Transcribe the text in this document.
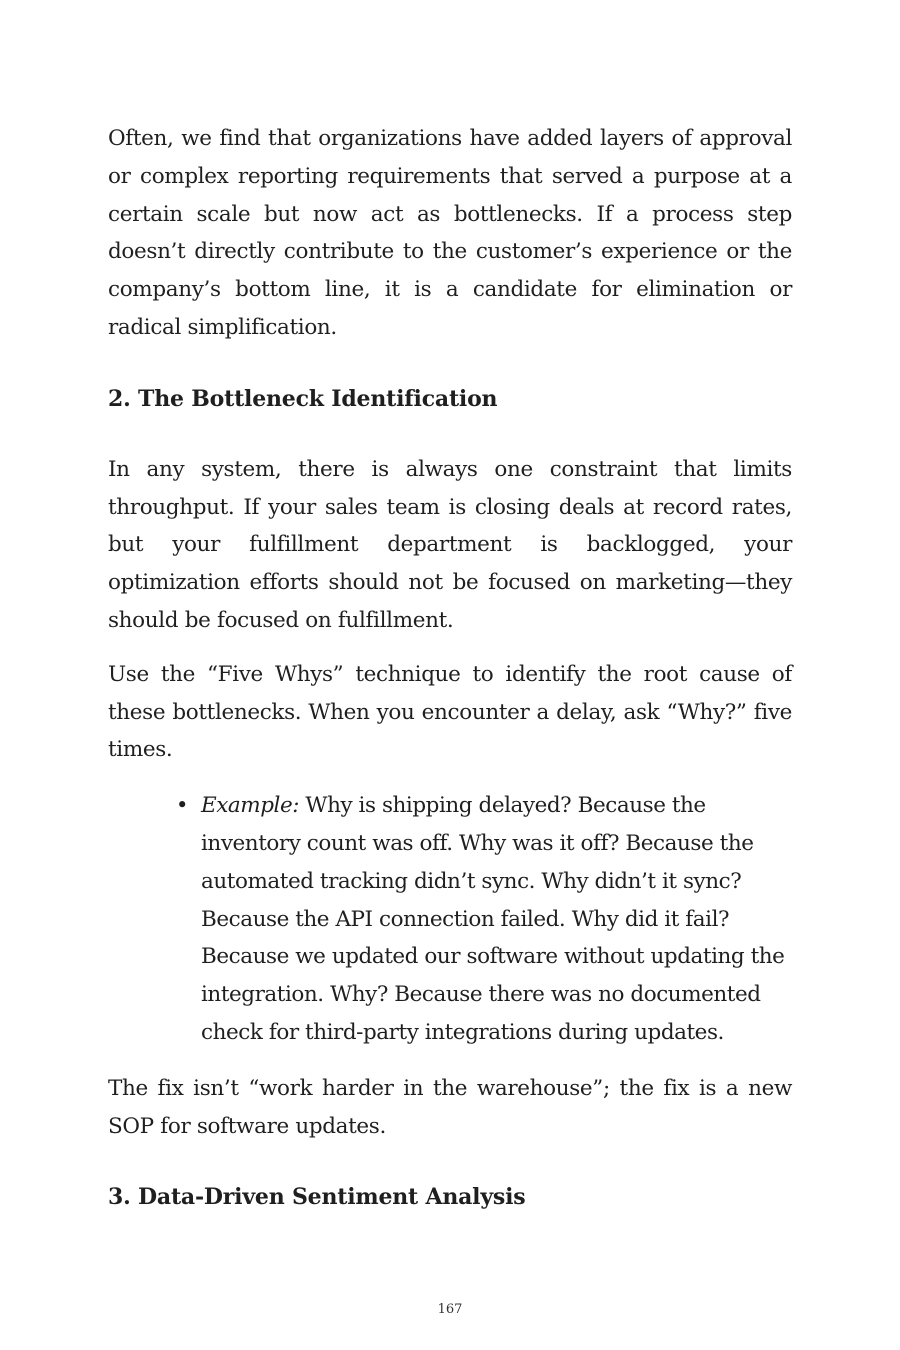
Often, we find that organizations have added layers of approval or complex reporting requirements that served a purpose at a certain scale but now act as bottlenecks. If a process step doesn’t directly contribute to the customer’s experience or the company’s bottom line, it is a candidate for elimination or radical simplification.

2. The Bottleneck Identification

In any system, there is always one constraint that limits throughput. If your sales team is closing deals at record rates, but your fulfillment department is backlogged, your optimization efforts should not be focused on marketing—they should be focused on fulfillment.

Use the “Five Whys” technique to identify the root cause of these bottlenecks. When you encounter a delay, ask “Why?” five times.

• Example: Why is shipping delayed? Because the inventory count was off. Why was it off? Because the automated tracking didn’t sync. Why didn’t it sync? Because the API connection failed. Why did it fail? Because we updated our software without updating the integration. Why? Because there was no documented check for third-party integrations during updates.

The fix isn’t “work harder in the warehouse”; the fix is a new SOP for software updates.

3. Data-Driven Sentiment Analysis
167
